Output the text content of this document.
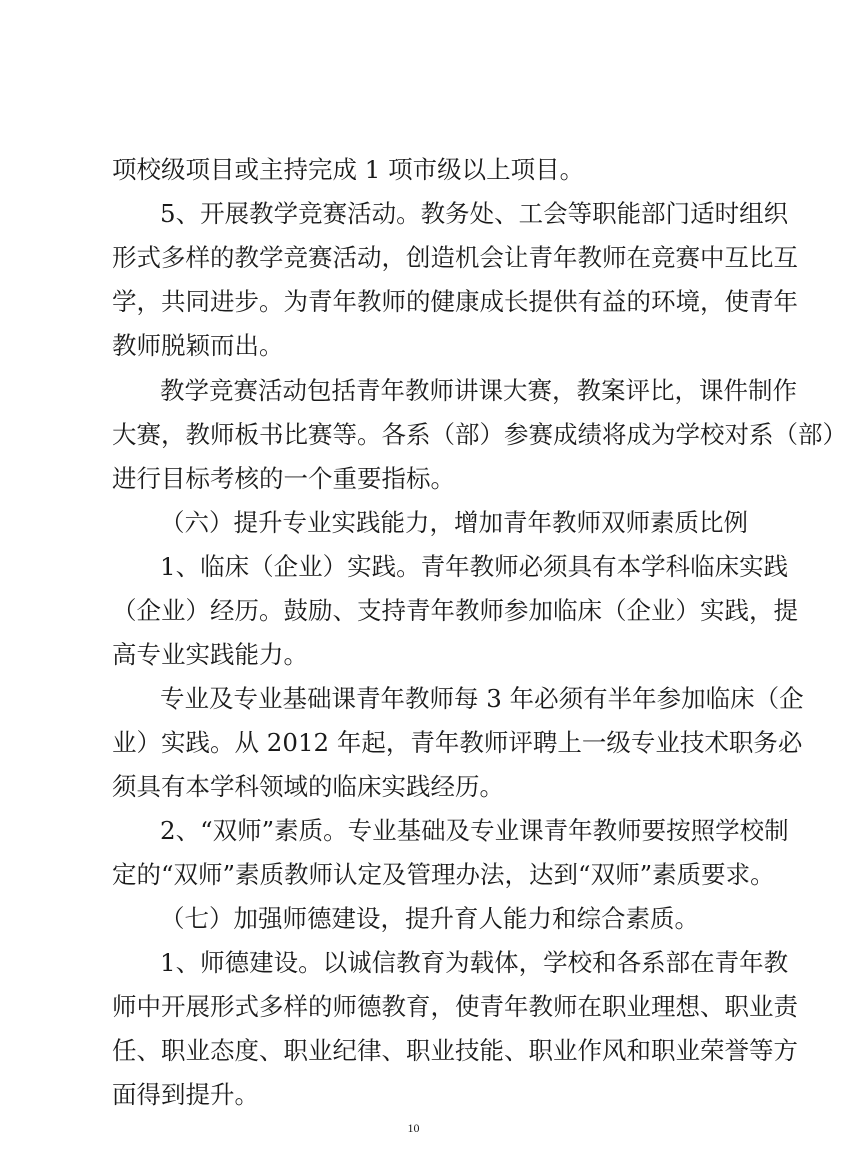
项校级项目或主持完成 1 项市级以上项目。
5、开展教学竞赛活动。教务处、工会等职能部门适时组织
形式多样的教学竞赛活动，创造机会让青年教师在竞赛中互比互
学，共同进步。为青年教师的健康成长提供有益的环境，使青年
教师脱颖而出。
教学竞赛活动包括青年教师讲课大赛，教案评比，课件制作
大赛，教师板书比赛等。各系（部）参赛成绩将成为学校对系（部）
进行目标考核的一个重要指标。
（六）提升专业实践能力，增加青年教师双师素质比例
1、临床（企业）实践。青年教师必须具有本学科临床实践
（企业）经历。鼓励、支持青年教师参加临床（企业）实践，提
高专业实践能力。
专业及专业基础课青年教师每 3 年必须有半年参加临床（企
业）实践。从 2012 年起，青年教师评聘上一级专业技术职务必
须具有本学科领域的临床实践经历。
2、“双师”素质。专业基础及专业课青年教师要按照学校制
定的“双师”素质教师认定及管理办法，达到“双师”素质要求。
（七）加强师德建设，提升育人能力和综合素质。
1、师德建设。以诚信教育为载体，学校和各系部在青年教
师中开展形式多样的师德教育，使青年教师在职业理想、职业责
任、职业态度、职业纪律、职业技能、职业作风和职业荣誉等方
面得到提升。
10
